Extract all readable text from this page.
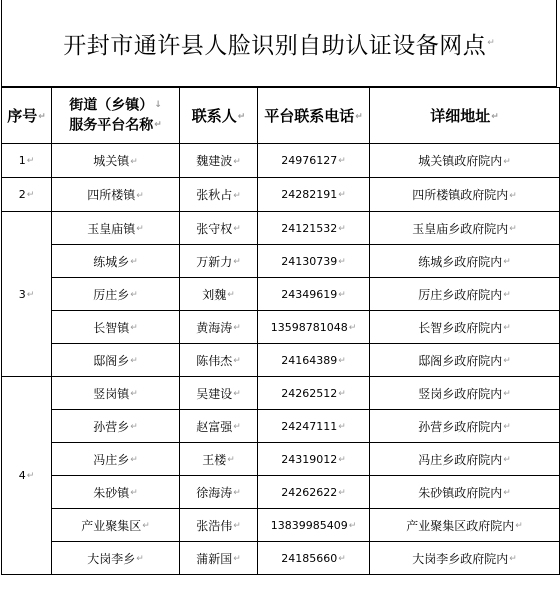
开封市通许县人脸识别自助认证设备网点 ↵
序号↵	街道（乡镇）↓
服务平台名称↵	联系人↵	平台联系电话↵	详细地址↵
1↵	城关镇↵	魏建波↵	24976127↵	城关镇政府院内↵
2↵	四所楼镇↵	张秋占↵	24282191↵	四所楼镇政府院内↵
3↵	玉皇庙镇↵	张守权↵	24121532↵	玉皇庙乡政府院内↵
	练城乡↵	万新力↵	24130739↵	练城乡政府院内↵
	厉庄乡↵	刘魏↵	24349619↵	厉庄乡政府院内↵
	长智镇↵	黄海涛↵	13598781048↵	长智乡政府院内↵
	邸阁乡↵	陈伟杰↵	24164389↵	邸阁乡政府院内↵
4↵	竖岗镇↵	吴建设↵	24262512↵	竖岗乡政府院内↵
	孙营乡↵	赵富强↵	24247111↵	孙营乡政府院内↵
	冯庄乡↵	王楼↵	24319012↵	冯庄乡政府院内↵
	朱砂镇↵	徐海涛↵	24262622↵	朱砂镇政府院内↵
	产业聚集区↵	张浩伟↵	13839985409↵	产业聚集区政府院内↵
	大岗李乡↵	蒲新国↵	24185660↵	大岗李乡政府院内↵
